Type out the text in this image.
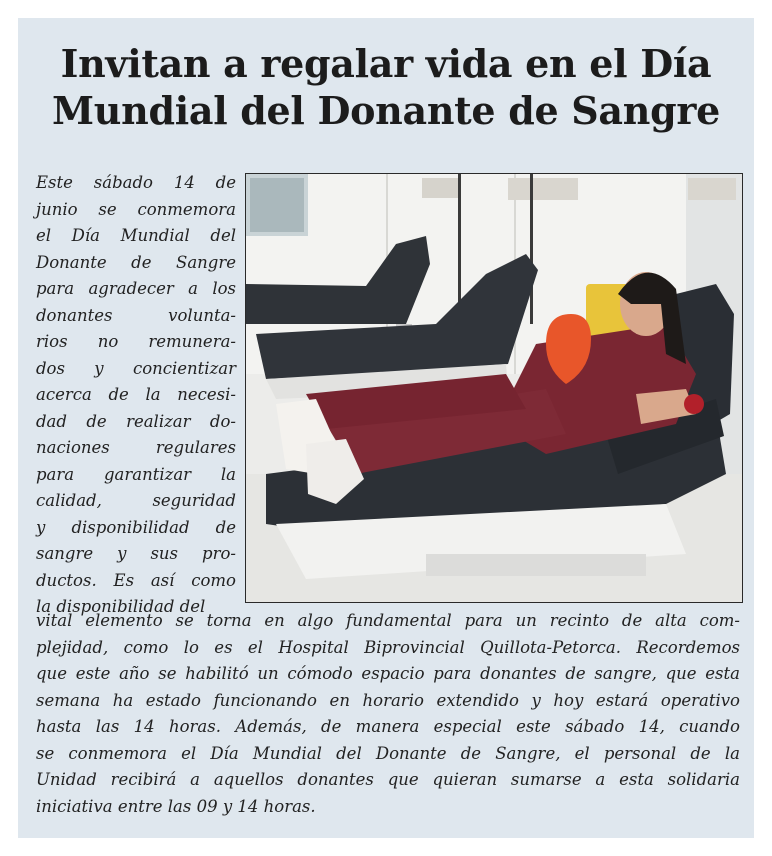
Invitan a regalar vida en el Día
Mundial del Donante de Sangre

Este sábado 14 de
junio se conmemora
el Día Mundial del
Donante de Sangre
para agradecer a los
donantes volunta-
rios no remunera-
dos y concientizar
acerca de la necesi-
dad de realizar do-
naciones regulares
para garantizar la
calidad, seguridad
y disponibilidad de
sangre y sus pro-
ductos. Es así como
la disponibilidad del

vital elemento se torna en algo fundamental para un recinto de alta com-
plejidad, como lo es el Hospital Biprovincial Quillota-Petorca. Recordemos
que este año se habilitó un cómodo espacio para donantes de sangre, que esta
semana ha estado funcionando en horario extendido y hoy estará operativo
hasta las 14 horas. Además, de manera especial este sábado 14, cuando
se conmemora el Día Mundial del Donante de Sangre, el personal de la
Unidad recibirá a aquellos donantes que quieran sumarse a esta solidaria
iniciativa entre las 09 y 14 horas.
